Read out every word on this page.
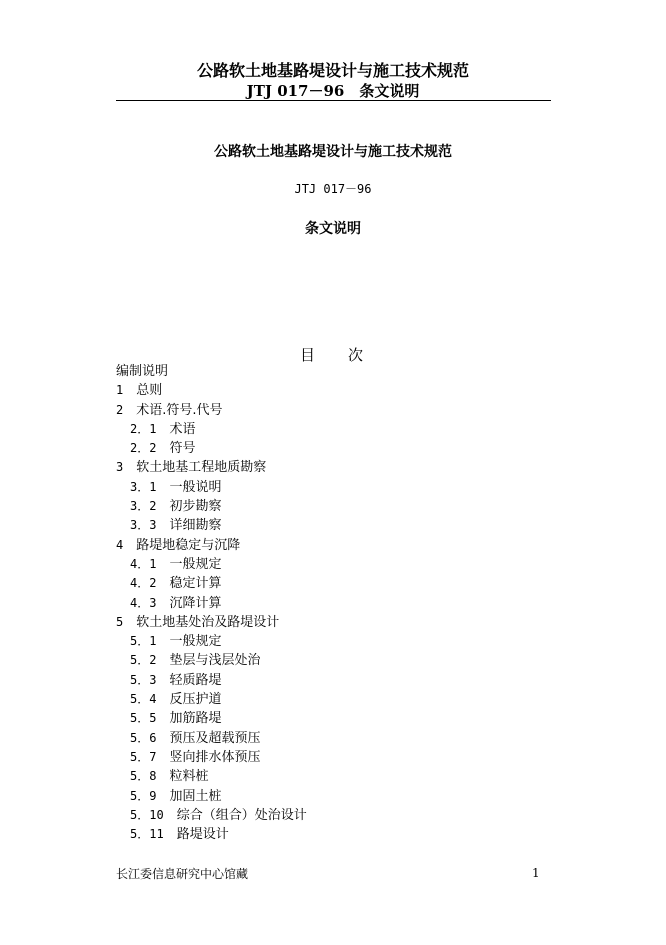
公路软土地基路堤设计与施工技术规范
JTJ 017－96　条文说明
公路软土地基路堤设计与施工技术规范
JTJ 017－96
条文说明
目 次
编制说明
1　 总则
2　 术语.符号.代号
2．1　 术语
2．2　 符号
3　 软土地基工程地质勘察
3．1　 一般说明
3．2　 初步勘察
3．3　 详细勘察
4　 路堤地稳定与沉降
4．1　 一般规定
4．2　 稳定计算
4．3　 沉降计算
5　 软土地基处治及路堤设计
5．1　 一般规定
5．2　 垫层与浅层处治
5．3　 轻质路堤
5．4　 反压护道
5．5　 加筋路堤
5．6　 预压及超载预压
5．7　 竖向排水体预压
5．8　 粒料桩
5．9　 加固土桩
5．10　 综合（组合）处治设计
5．11　 路堤设计
长江委信息研究中心馆藏	1
